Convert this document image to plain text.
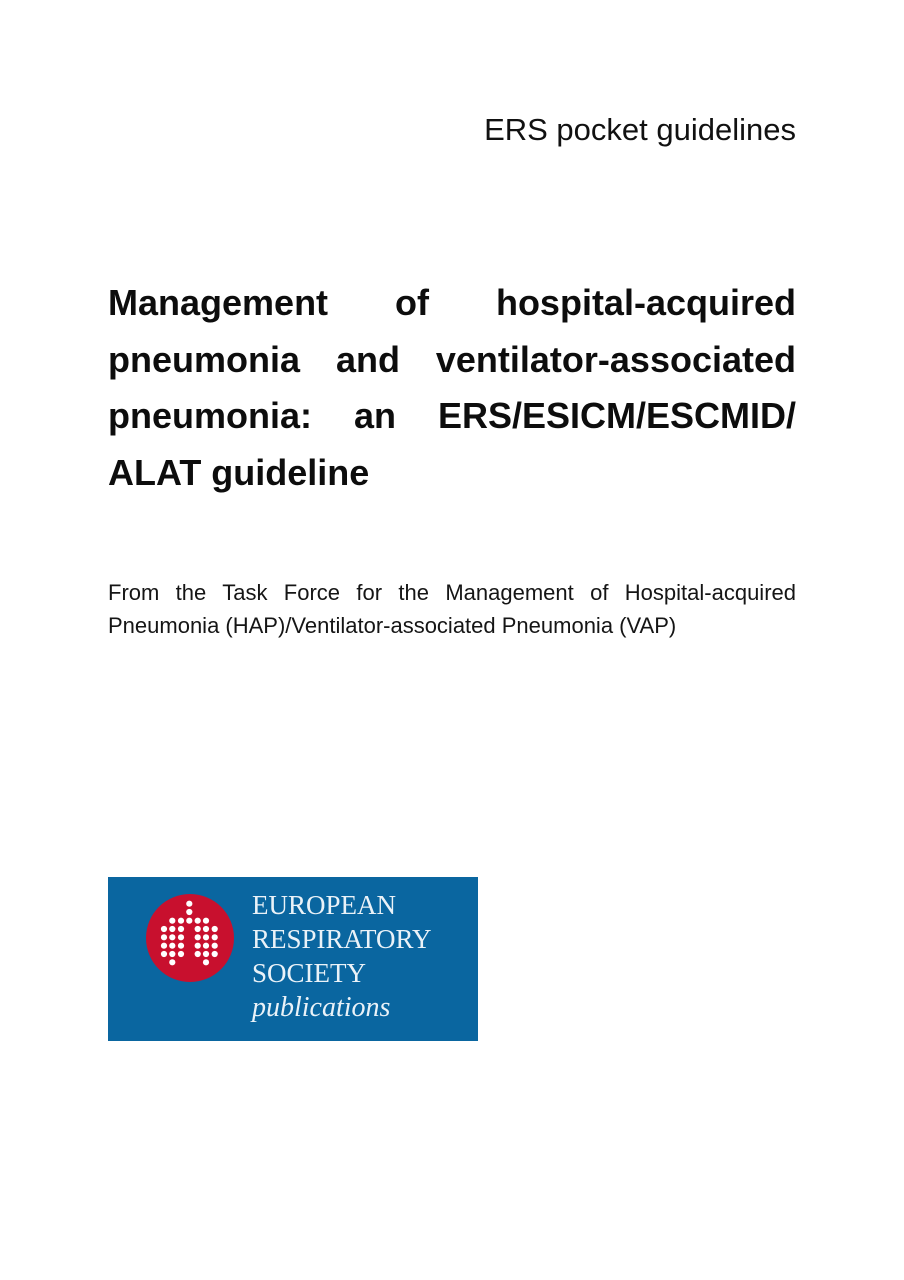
ERS pocket guidelines
Management of hospital-acquired
pneumonia and ventilator-associated
pneumonia: an ERS/ESICM/ESCMID/
ALAT guideline
From the Task Force for the Management of Hospital-acquired
Pneumonia (HAP)/Ventilator-associated Pneumonia (VAP)
EUROPEAN
RESPIRATORY
SOCIETY
publications
